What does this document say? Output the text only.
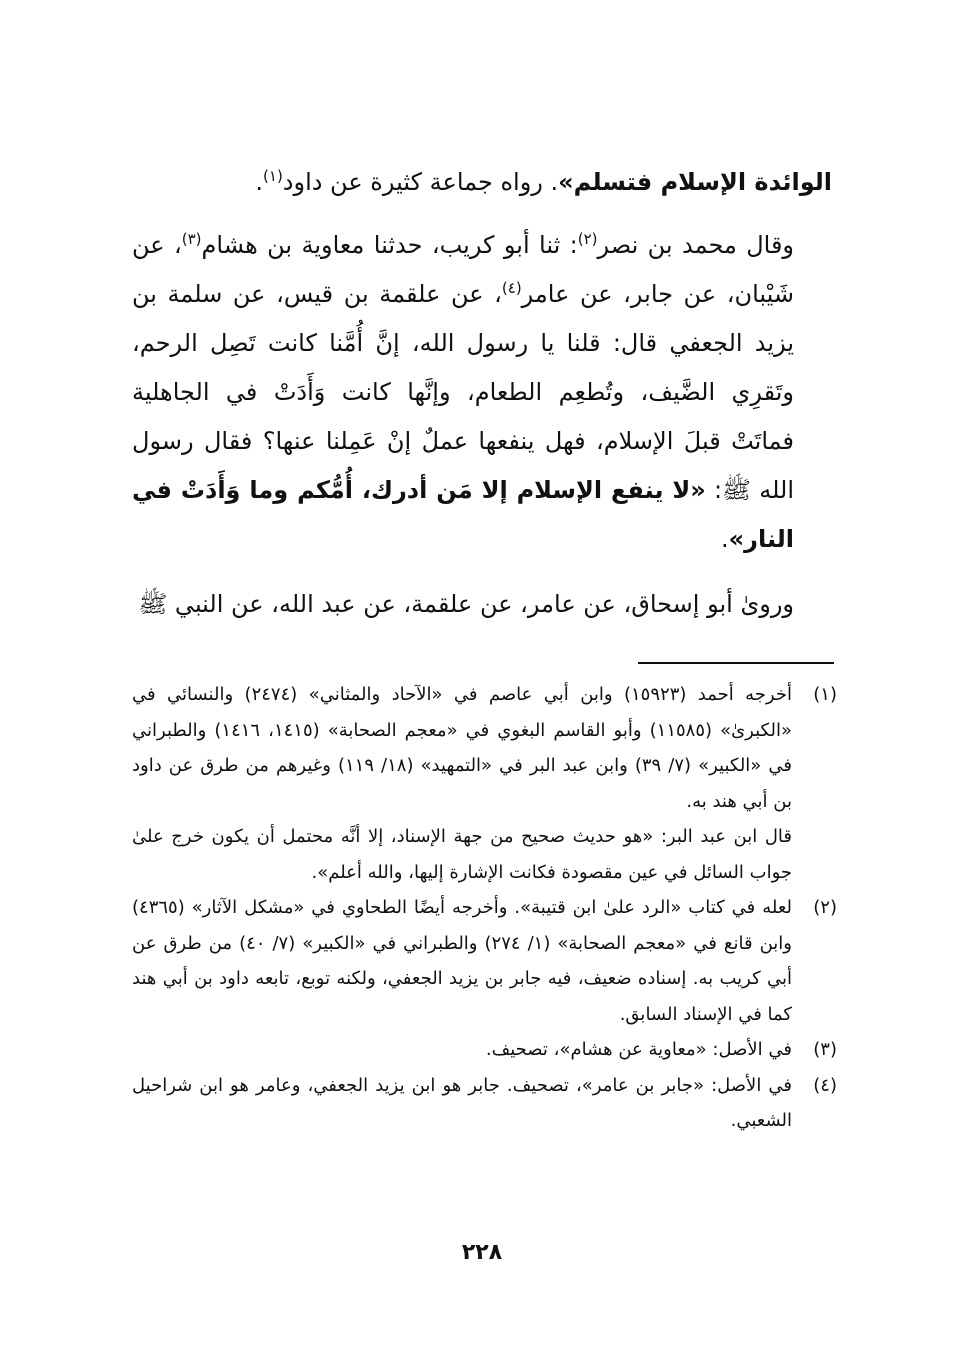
الوائدة الإسلام فتسلم». رواه جماعة كثيرة عن داود$^{(١)}$.

وقال محمد بن نصر$^{(٢)}$: ثنا أبو كريب، حدثنا معاوية بن هشام$^{(٣)}$، عن شَيْبان، عن جابر، عن عامر$^{(٤)}$، عن علقمة بن قيس، عن سلمة بن يزيد الجعفي قال: قلنا يا رسول الله، إنَّ أُمَّنا كانت تَصِل الرحم، وتَقرِي الضَّيف، وتُطعِم الطعام، وإنَّها كانت وَأَدَتْ في الجاهلية فماتَتْ قبلَ الإسلام، فهل ينفعها عملٌ إنْ عَمِلنا عنها؟ فقال رسول الله ﷺ: «لا ينفع الإسلام إلا مَن أدرك، أُمُّكم وما وَأَدَتْ في النار».

وروىٰ أبو إسحاق، عن عامر، عن علقمة، عن عبد الله، عن النبي ﷺ

(١)
أخرجه أحمد (١٥٩٢٣) وابن أبي عاصم في «الآحاد والمثاني» (٢٤٧٤) والنسائي في «الكبرىٰ» (١١٥٨٥) وأبو القاسم البغوي في «معجم الصحابة» (١٤١٥، ١٤١٦) والطبراني في «الكبير» (٧/ ٣٩) وابن عبد البر في «التمهيد» (١٨/ ١١٩) وغيرهم من طرق عن داود بن أبي هند به.
قال ابن عبد البر: «هو حديث صحيح من جهة الإسناد، إلا أنَّه محتمل أن يكون خرج علىٰ جواب السائل في عين مقصودة فكانت الإشارة إليها، والله أعلم».
(٢)
لعله في كتاب «الرد علىٰ ابن قتيبة». وأخرجه أيضًا الطحاوي في «مشكل الآثار» (٤٣٦٥) وابن قانع في «معجم الصحابة» (١/ ٢٧٤) والطبراني في «الكبير» (٧/ ٤٠) من طرق عن أبي كريب به. إسناده ضعيف، فيه جابر بن يزيد الجعفي، ولكنه توبع، تابعه داود بن أبي هند كما في الإسناد السابق.
(٣)
في الأصل: «معاوية عن هشام»، تصحيف.
(٤)
في الأصل: «جابر بن عامر»، تصحيف. جابر هو ابن يزيد الجعفي، وعامر هو ابن شراحيل الشعبي.
٢٢٨
